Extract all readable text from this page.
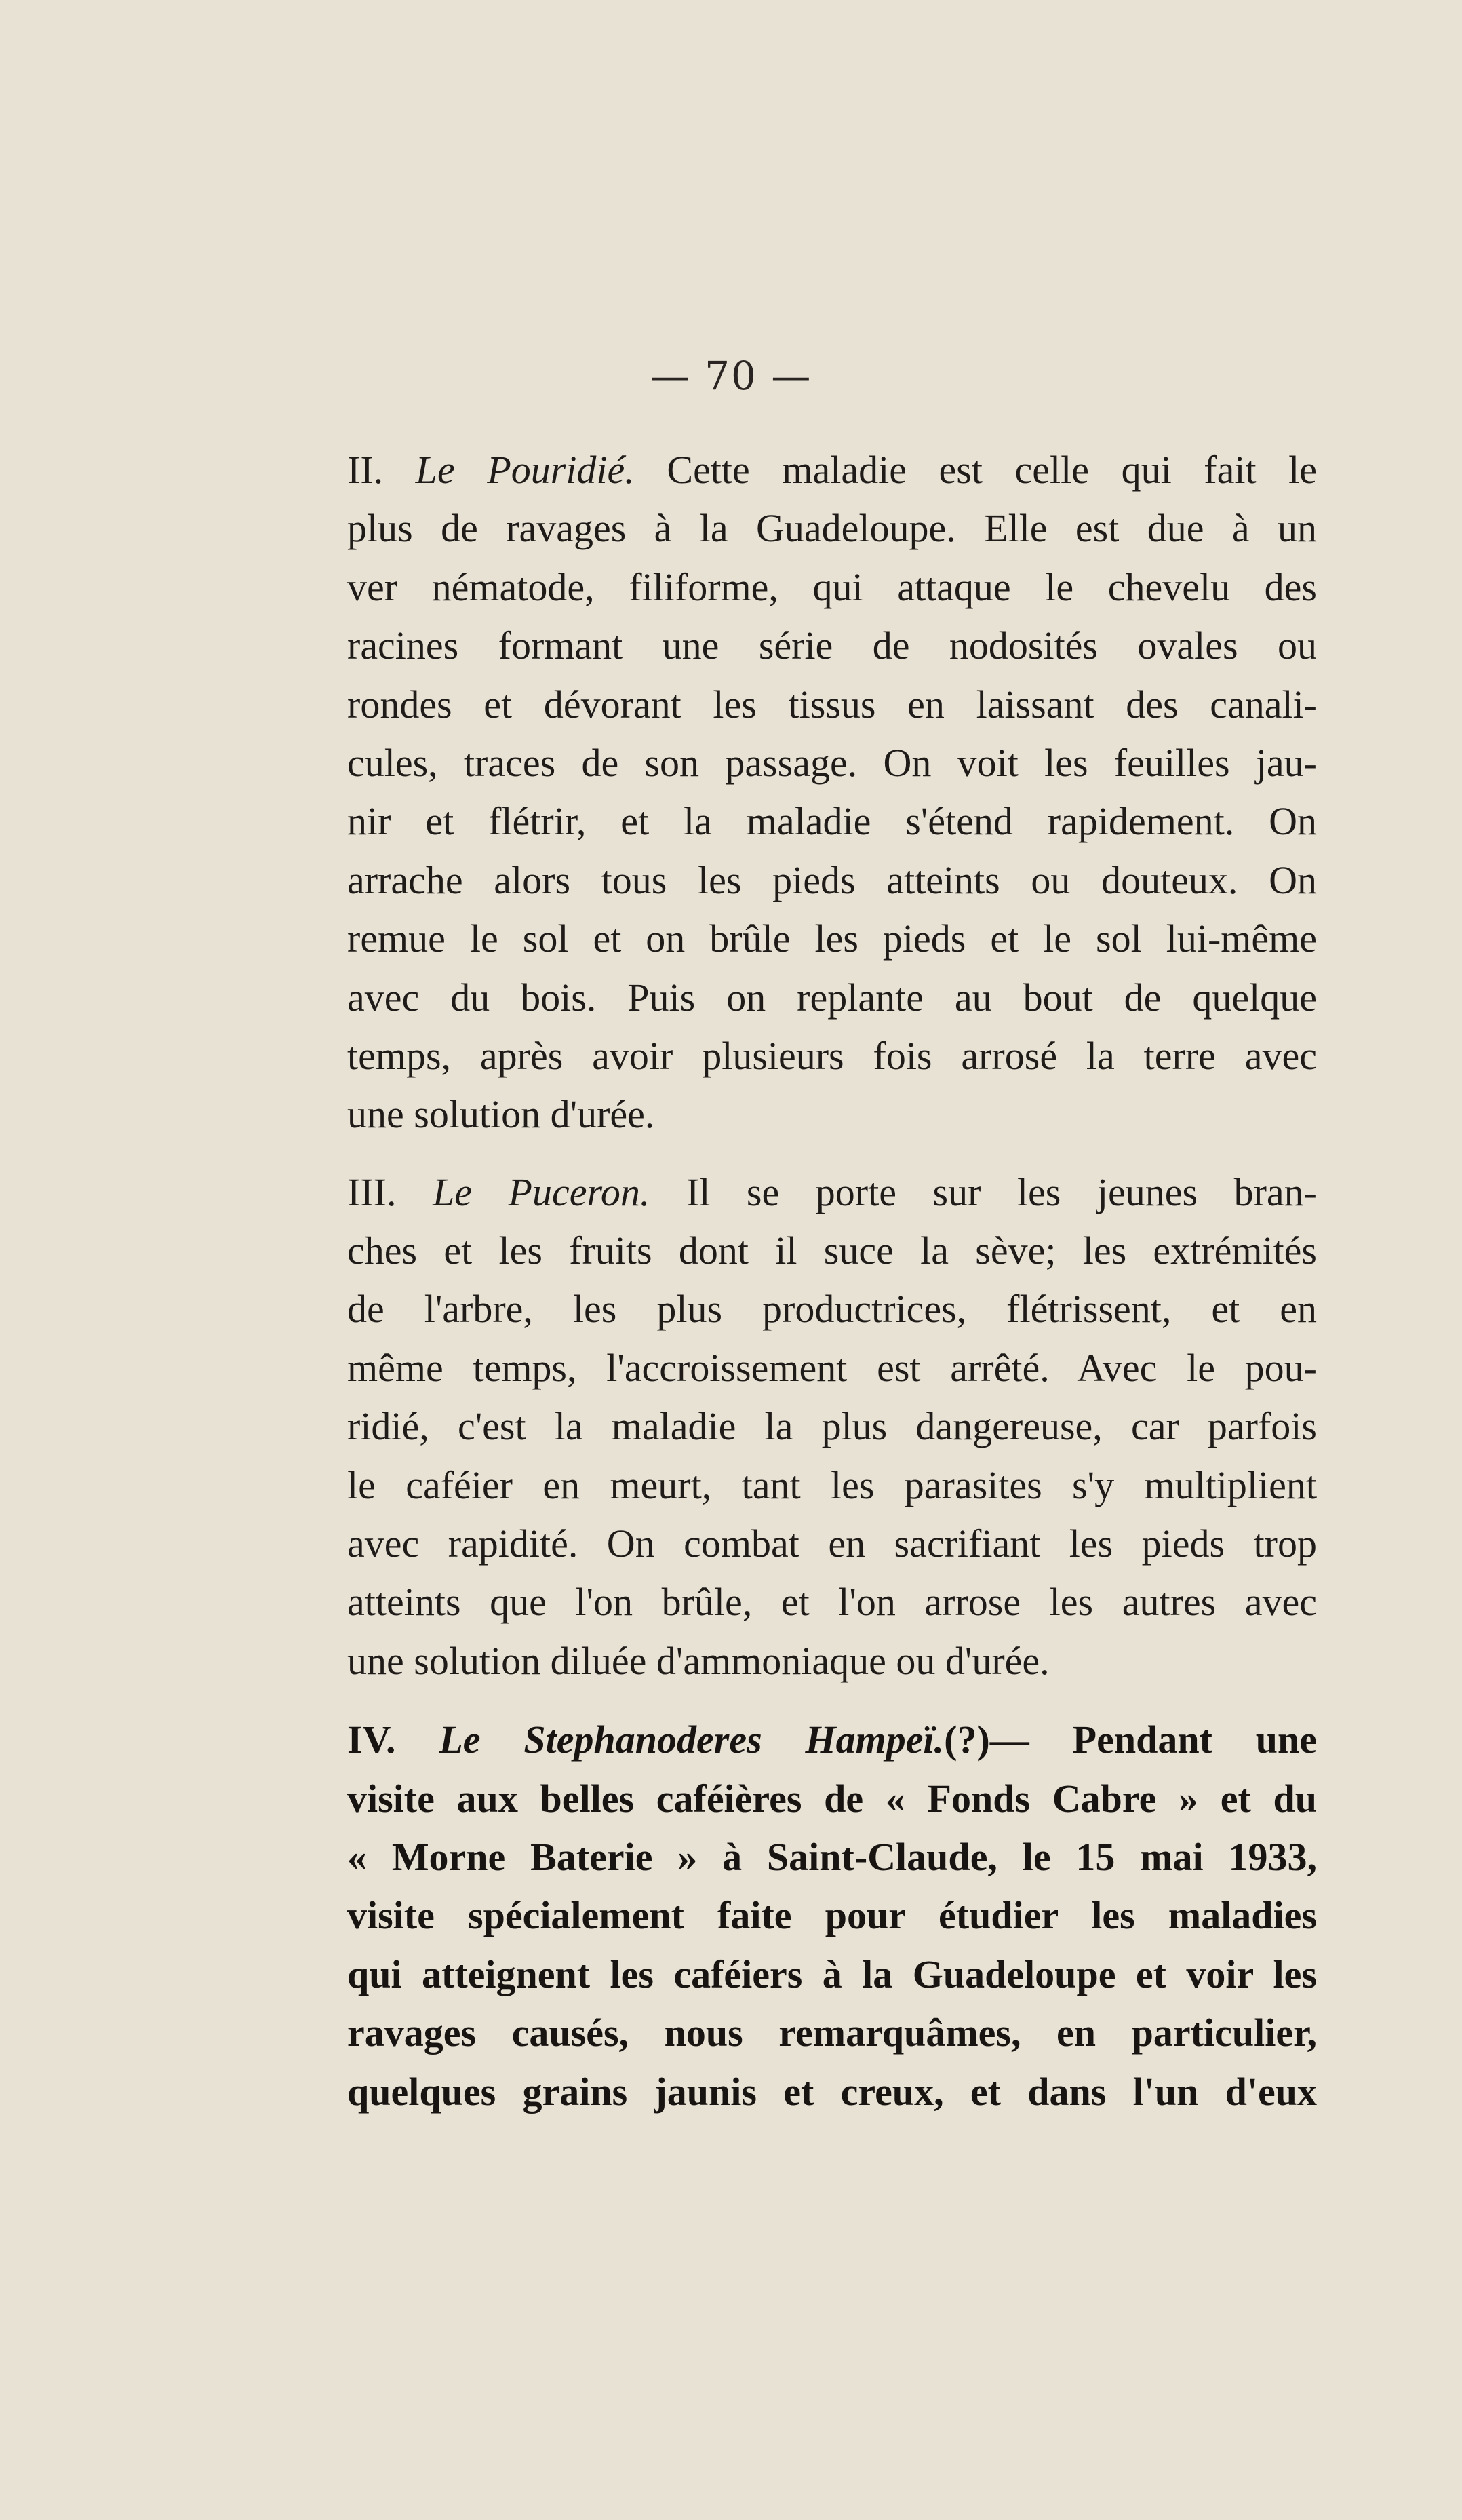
— 70 —
II. Le Pouridié. Cette maladie est celle qui fait le
plus de ravages à la Guadeloupe. Elle est due à un
ver nématode, filiforme, qui attaque le chevelu des
racines formant une série de nodosités ovales ou
rondes et dévorant les tissus en laissant des canali-
cules, traces de son passage. On voit les feuilles jau-
nir et flétrir, et la maladie s'étend rapidement. On
arrache alors tous les pieds atteints ou douteux. On
remue le sol et on brûle les pieds et le sol lui-même
avec du bois. Puis on replante au bout de quelque
temps, après avoir plusieurs fois arrosé la terre avec
une solution d'urée.
III. Le Puceron. Il se porte sur les jeunes bran-
ches et les fruits dont il suce la sève; les extrémités
de l'arbre, les plus productrices, flétrissent, et en
même temps, l'accroissement est arrêté. Avec le pou-
ridié, c'est la maladie la plus dangereuse, car parfois
le caféier en meurt, tant les parasites s'y multiplient
avec rapidité. On combat en sacrifiant les pieds trop
atteints que l'on brûle, et l'on arrose les autres avec
une solution diluée d'ammoniaque ou d'urée.
IV. Le Stephanoderes Hampeï.(?)— Pendant une
visite aux belles caféières de « Fonds Cabre » et du
« Morne Baterie » à Saint-Claude, le 15 mai 1933,
visite spécialement faite pour étudier les maladies
qui atteignent les caféiers à la Guadeloupe et voir les
ravages causés, nous remarquâmes, en particulier,
quelques grains jaunis et creux, et dans l'un d'eux
